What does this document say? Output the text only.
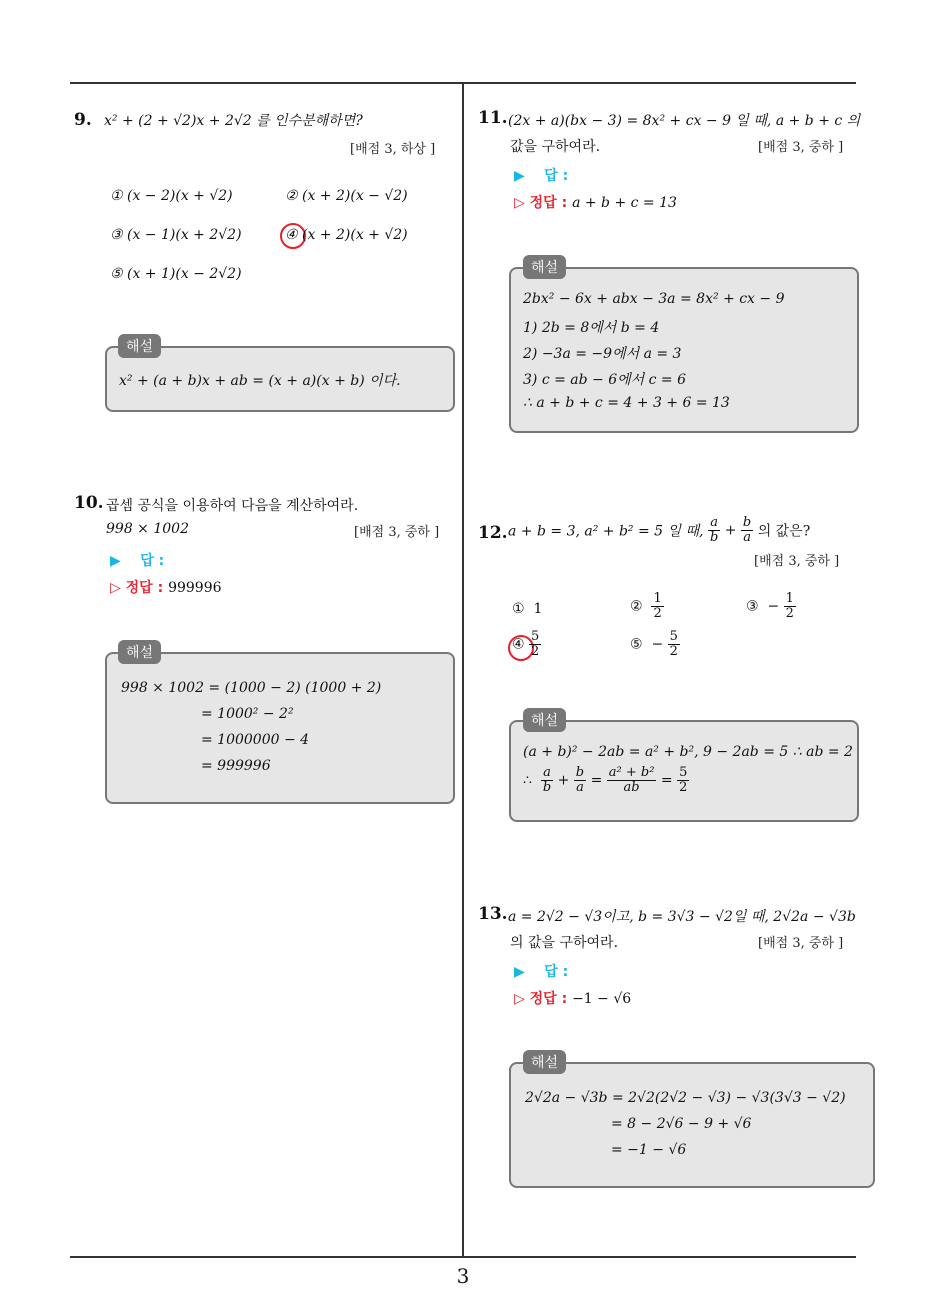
9. x² + (2 + √2)x + 2√2 를 인수분해하면?
[배점 3, 하상 ]
① (x − 2)(x + √2)	② (x + 2)(x − √2)
③ (x − 1)(x + 2√2)	④ (x + 2)(x + √2)
⑤ (x + 1)(x − 2√2)
x² + (a + b)x + ab = (x + a)(x + b) 이다.
해설
10. 곱셈 공식을 이용하여 다음을 계산하여라.
998 × 1002	[배점 3, 중하 ]
▶ 답 :
▷ 정답 : 999996
998 × 1002 = (1000 − 2) (1000 + 2)
= 1000² − 2²
= 1000000 − 4
= 999996
해설
11. (2x + a)(bx − 3) = 8x² + cx − 9 일 때, a + b + c 의
값을 구하여라.	[배점 3, 중하 ]
▶ 답 :
▷ 정답 : a + b + c = 13
2bx² − 6x + abx − 3a = 8x² + cx − 9
1) 2b = 8에서 b = 4
2) −3a = −9에서 a = 3
3) c = ab − 6에서 c = 6
∴ a + b + c = 4 + 3 + 6 = 13
해설
12. a + b = 3, a² + b² = 5 일 때, $\frac{a}{b} + \frac{b}{a}$ 의 값은?
[배점 3, 중하 ]
① 1	② $\frac{1}{2}$	③ − $\frac{1}{2}$
④ $\frac{5}{2}$	⑤ − $\frac{5}{2}$
(a + b)² − 2ab = a² + b², 9 − 2ab = 5 ∴ ab = 2
∴ $\frac{a}{b} + \frac{b}{a} = \frac{\text{a² + b²}}{ab} = \frac{5}{2}$
해설
13. a = 2√2 − √3이고, b = 3√3 − √2일 때, 2√2a − √3b
의 값을 구하여라.	[배점 3, 중하 ]
▶ 답 :
▷ 정답 : −1 − √6
2√2a − √3b = 2√2(2√2 − √3) − √3(3√3 − √2)
= 8 − 2√6 − 9 + √6
= −1 − √6
해설
3
